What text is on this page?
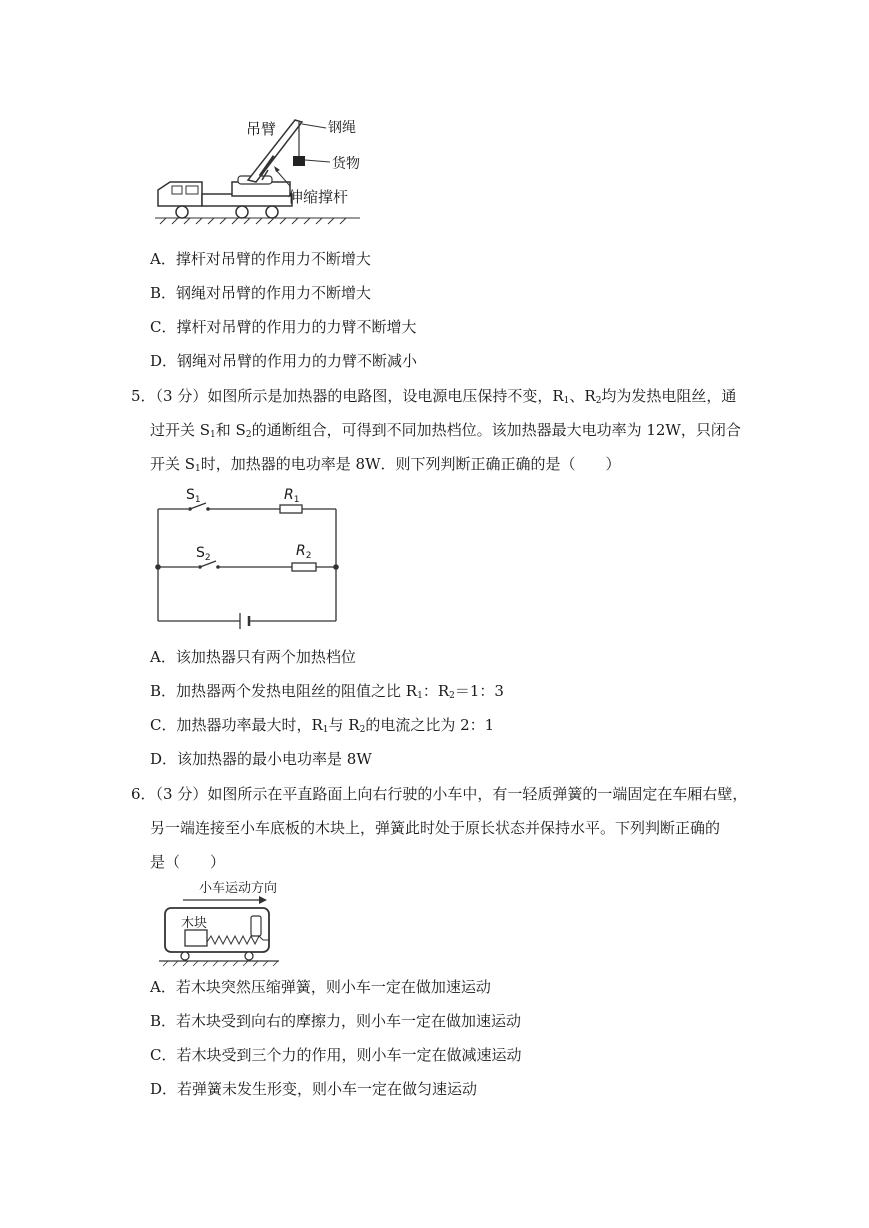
吊臂	钢绳
货物
伸缩撑杆
A．撑杆对吊臂的作用力不断增大
B．钢绳对吊臂的作用力不断增大
C．撑杆对吊臂的作用力的力臂不断增大
D．钢绳对吊臂的作用力的力臂不断减小
5．（3 分）如图所示是加热器的电路图，设电源电压保持不变，$R_1$、$R_2$均为发热电阻丝，通
过开关 $S_1$和 $S_2$的通断组合，可得到不同加热档位。该加热器最大电功率为 12W，只闭合
开关 $S_1$时，加热器的电功率是 8W．则下列判断正确正确的是（　　）
$S_1$	$R_1$
$S_2$	$R_2$
A．该加热器只有两个加热档位
B．加热器两个发热电阻丝的阻值之比 $R_1$：$R_2=1$：3
C．加热器功率最大时，$R_1$与 $R_2$的电流之比为 2：1
D．该加热器的最小电功率是 8W
6．（3 分）如图所示在平直路面上向右行驶的小车中，有一轻质弹簧的一端固定在车厢右壁，
另一端连接至小车底板的木块上，弹簧此时处于原长状态并保持水平。下列判断正确的
是（　　）
小车运动方向
木块
A．若木块突然压缩弹簧，则小车一定在做加速运动
B．若木块受到向右的摩擦力，则小车一定在做加速运动
C．若木块受到三个力的作用，则小车一定在做减速运动
D．若弹簧未发生形变，则小车一定在做匀速运动
